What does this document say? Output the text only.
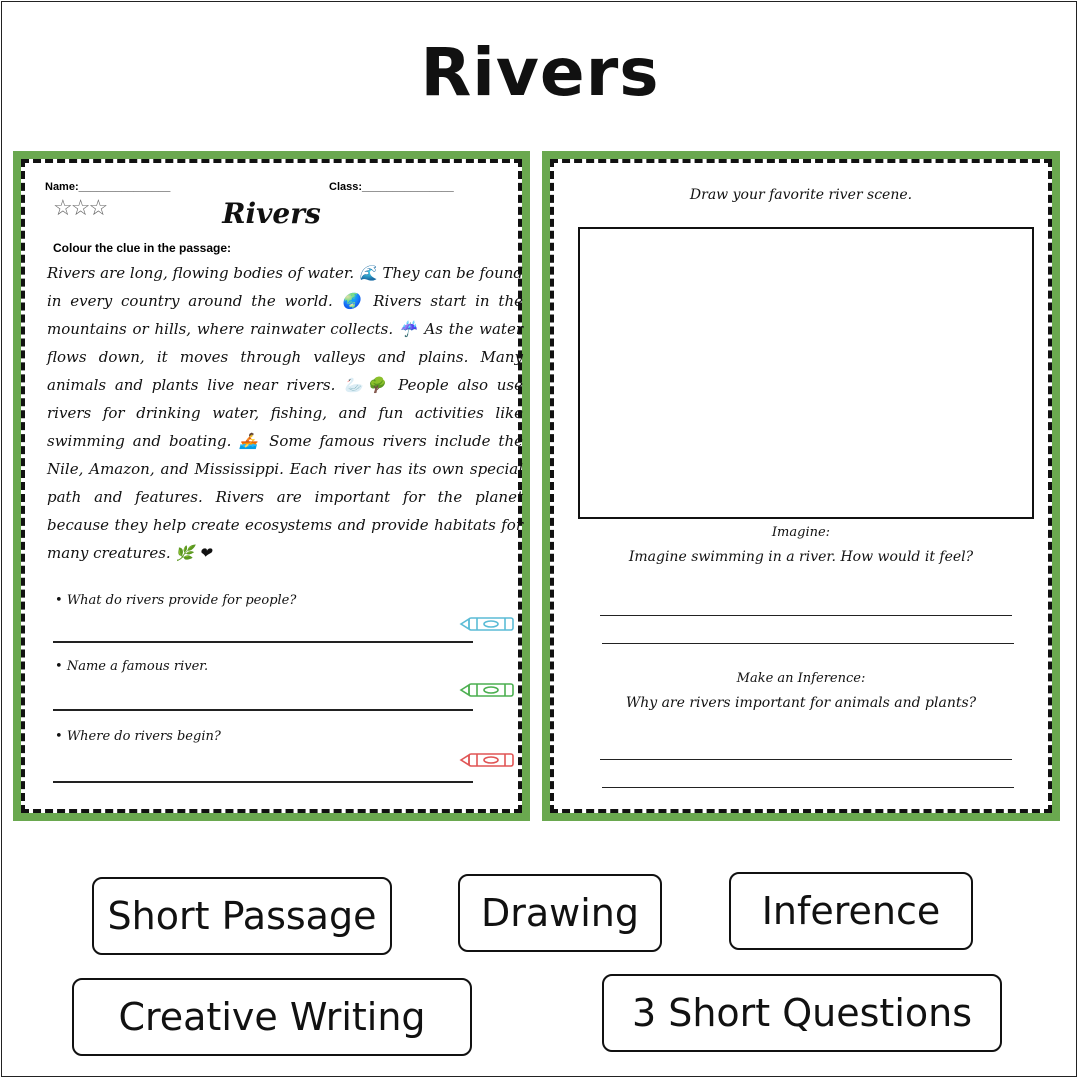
Rivers
Name:_______________	Class:_______________
☆☆☆	Rivers
Colour the clue in the passage:
Rivers are long, flowing bodies of water. 🌊 They can be found in every country around the world. 🌏 Rivers start in the mountains or hills, where rainwater collects. ☔ As the water flows down, it moves through valleys and plains. Many animals and plants live near rivers. 🦢🌳 People also use rivers for drinking water, fishing, and fun activities like swimming and boating. 🚣 Some famous rivers include the Nile, Amazon, and Mississippi. Each river has its own special path and features. Rivers are important for the planet because they help create ecosystems and provide habitats for many creatures. 🌿 ❤
• What do rivers provide for people?
• Name a famous river.
• Where do rivers begin?
Draw your favorite river scene.
Imagine:
Imagine swimming in a river. How would it feel?
Make an Inference:
Why are rivers important for animals and plants?
Short Passage	Drawing	Inference
Creative Writing	3 Short Questions
